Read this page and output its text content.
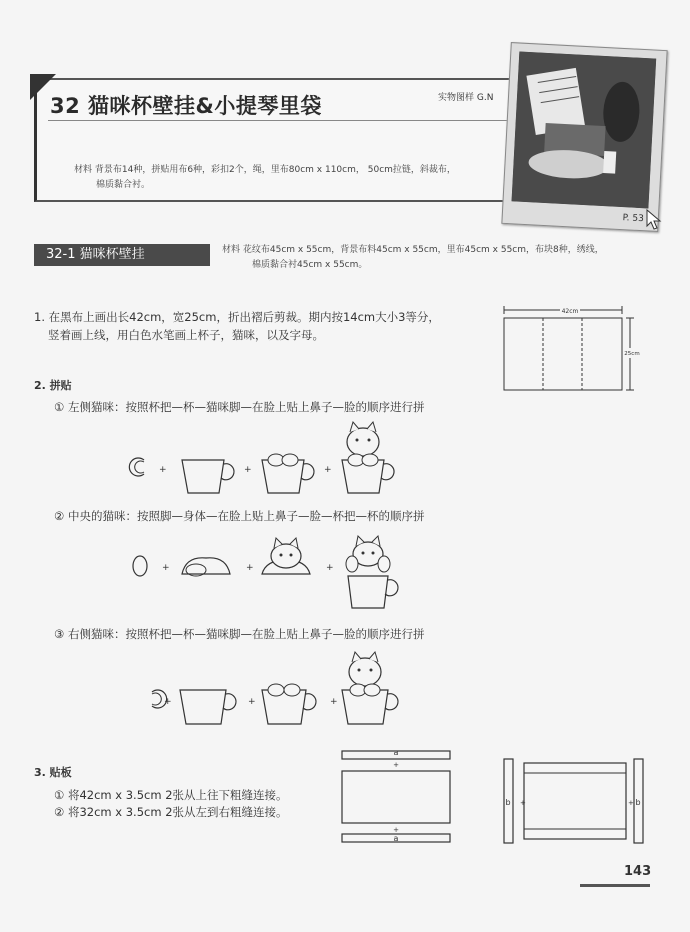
32 猫咪杯壁挂&小提琴里袋	实物图样 G.N
材料 背景布14种，拼贴用布6种，彩扣2个，绳，里布80cm x 110cm， 50cm拉链，斜裁布，
棉质黏合衬。
P. 53
32-1 猫咪杯壁挂	材料 花纹布45cm x 55cm，背景布料45cm x 55cm，里布45cm x 55cm，布块8种，绣线，
棉质黏合衬45cm x 55cm。
1. 在黑布上画出长42cm，宽25cm，折出褶后剪裁。期内按14cm大小3等分，
竖着画上线，用白色水笔画上杯子，猫咪，以及字母。
42cm
25cm
2. 拼贴
① 左侧猫咪：按照杯把—杯—猫咪脚—在脸上贴上鼻子—脸的顺序进行拼
+	+	+
② 中央的猫咪：按照脚—身体—在脸上贴上鼻子—脸—杯把—杯的顺序拼
+	+	+
③ 右侧猫咪：按照杯把—杯—猫咪脚—在脸上贴上鼻子—脸的顺序进行拼
+	+	+
3. 贴板
① 将42cm x 3.5cm 2张从上往下粗缝连接。
② 将32cm x 3.5cm 2张从左到右粗缝连接。
a
+
+
a
b +	+ b
143
